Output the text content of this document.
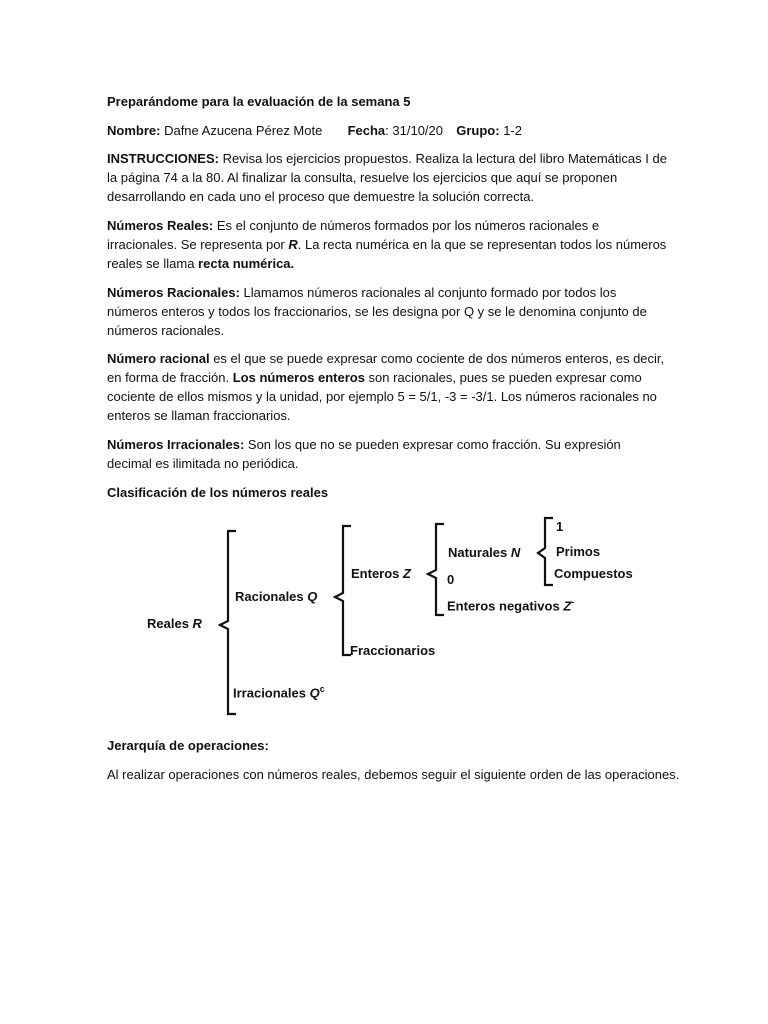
Preparándome para la evaluación de la semana 5

Nombre: Dafne Azucena Pérez Mote Fecha: 31/10/20 Grupo: 1-2

INSTRUCCIONES: Revisa los ejercicios propuestos. Realiza la lectura del libro Matemáticas I de la página 74 a la 80. Al finalizar la consulta, resuelve los ejercicios que aquí se proponen desarrollando en cada uno el proceso que demuestre la solución correcta.

Números Reales: Es el conjunto de números formados por los números racionales e irracionales. Se representa por R. La recta numérica en la que se representan todos los números reales se llama recta numérica.

Números Racionales: Llamamos números racionales al conjunto formado por todos los números enteros y todos los fraccionarios, se les designa por Q y se le denomina conjunto de números racionales.

Número racional es el que se puede expresar como cociente de dos números enteros, es decir, en forma de fracción. Los números enteros son racionales, pues se pueden expresar como cociente de ellos mismos y la unidad, por ejemplo 5 = 5/1, -3 = -3/1. Los números racionales no enteros se llaman fraccionarios.

Números Irracionales: Son los que no se pueden expresar como fracción. Su expresión decimal es ilimitada no periódica.

Clasificación de los números reales

Reales R
Racionales Q
Irracionales $Q^c$
Enteros Z
Fraccionarios
Naturales N
0
Enteros negativos Z-
1
Primos
Compuestos

Jerarquía de operaciones:

Al realizar operaciones con números reales, debemos seguir el siguiente orden de las operaciones.
